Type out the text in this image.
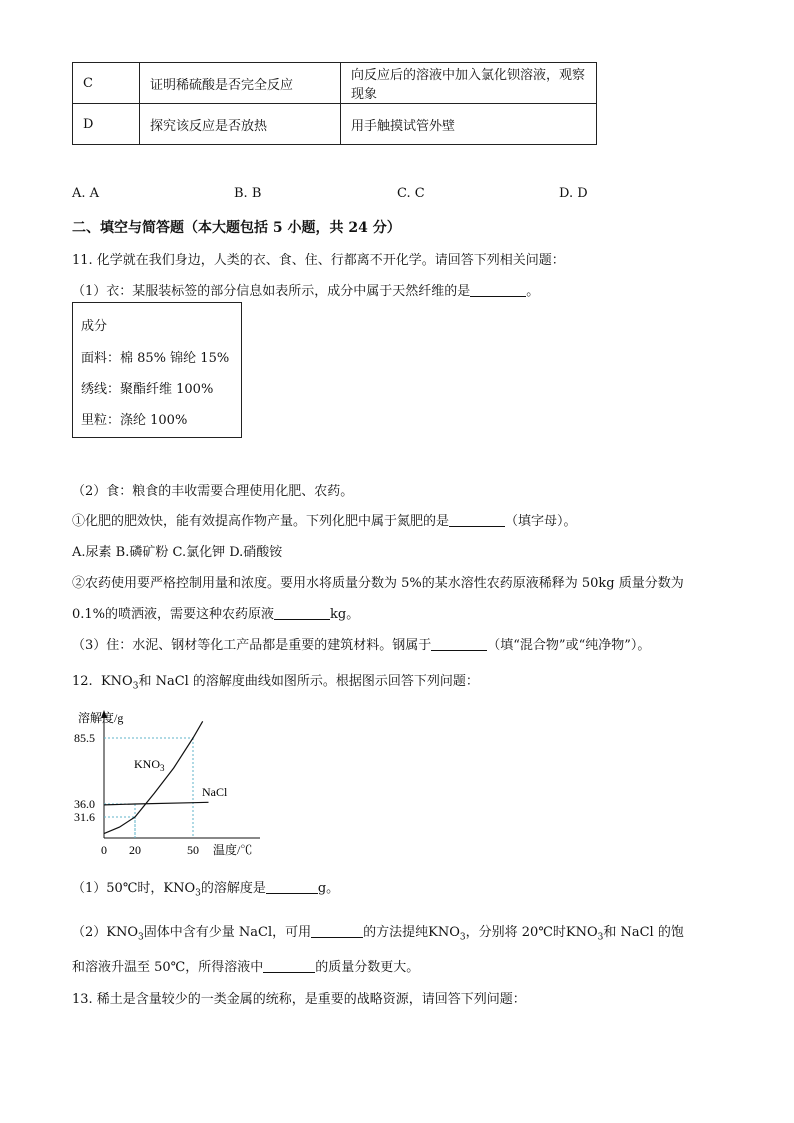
C	证明稀硫酸是否完全反应	向反应后的溶液中加入氯化钡溶液，观察现象
D	探究该反应是否放热	用手触摸试管外壁
A. A	B. B	C. C	D. D
二、填空与简答题（本大题包括 5 小题，共 24 分）
11. 化学就在我们身边，人类的衣、食、住、行都离不开化学。请回答下列相关问题：
（1）衣：某服装标签的部分信息如表所示，成分中属于天然纤维的是	。
成分
面料：棉 85% 锦纶 15%
绣线：聚酯纤维 100%
里粒：涤纶 100%
（2）食：粮食的丰收需要合理使用化肥、农药。
①化肥的肥效快，能有效提高作物产量。下列化肥中属于氮肥的是	（填字母）。
A.尿素 B.磷矿粉 C.氯化钾 D.硝酸铵
②农药使用要严格控制用量和浓度。要用水将质量分数为 5%的某水溶性农药原液稀释为 50kg 质量分数为
0.1%的喷洒液，需要这种农药原液	kg。
（3）住：水泥、钢材等化工产品都是重要的建筑材料。钢属于	（填“混合物”或“纯净物”）。
12. $KNO_3$和 NaCl 的溶解度曲线如图所示。根据图示回答下列问题：
溶解度/g
温度/℃
85.5
36.0
31.6
0 20	50
$KNO_3$
NaCl
（1）50℃时，$KNO_3$的溶解度是	g。
$(2)KNO_3$固体中含有少量 NaCl，可用	的方法提纯$KNO_3$，分别将 20℃时$KNO_3$和 NaCl 的饱
和溶液升温至 50℃，所得溶液中	的质量分数更大。
13. 稀土是含量较少的一类金属的统称，是重要的战略资源，请回答下列问题：
